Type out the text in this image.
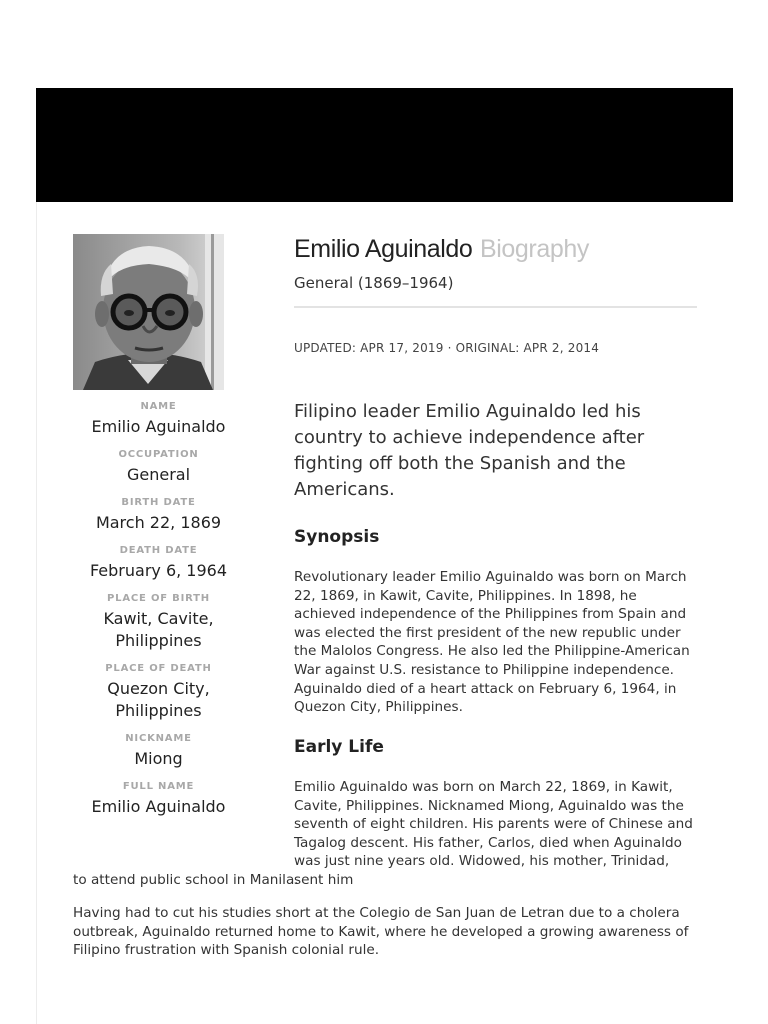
NAME
Emilio Aguinaldo
OCCUPATION
General
BIRTH DATE
March 22, 1869
DEATH DATE
February 6, 1964
PLACE OF BIRTH
Kawit, Cavite, Philippines
PLACE OF DEATH
Quezon City, Philippines
NICKNAME
Miong
FULL NAME
Emilio Aguinaldo
Emilio Aguinaldo Biography
General (1869–1964)
UPDATED: APR 17, 2019 · ORIGINAL: APR 2, 2014

Filipino leader Emilio Aguinaldo led his country to achieve independence after fighting off both the Spanish and the Americans.

Synopsis

Revolutionary leader Emilio Aguinaldo was born on March 22, 1869, in Kawit, Cavite, Philippines. In 1898, he achieved independence of the Philippines from Spain and was elected the first president of the new republic under the Malolos Congress. He also led the Philippine-American War against U.S. resistance to Philippine independence. Aguinaldo died of a heart attack on February 6, 1964, in Quezon City, Philippines.

Early Life

Emilio Aguinaldo was born on March 22, 1869, in Kawit, Cavite, Philippines. Nicknamed Miong, Aguinaldo was the seventh of eight children. His parents were of Chinese and Tagalog descent. His father, Carlos, died when Aguinaldo was just nine years old. Widowed, his mother, Trinidad, sent him

to attend public school in Manila.

Having had to cut his studies short at the Colegio de San Juan de Letran due to a cholera outbreak, Aguinaldo returned home to Kawit, where he developed a growing awareness of Filipino frustration with Spanish colonial rule.
